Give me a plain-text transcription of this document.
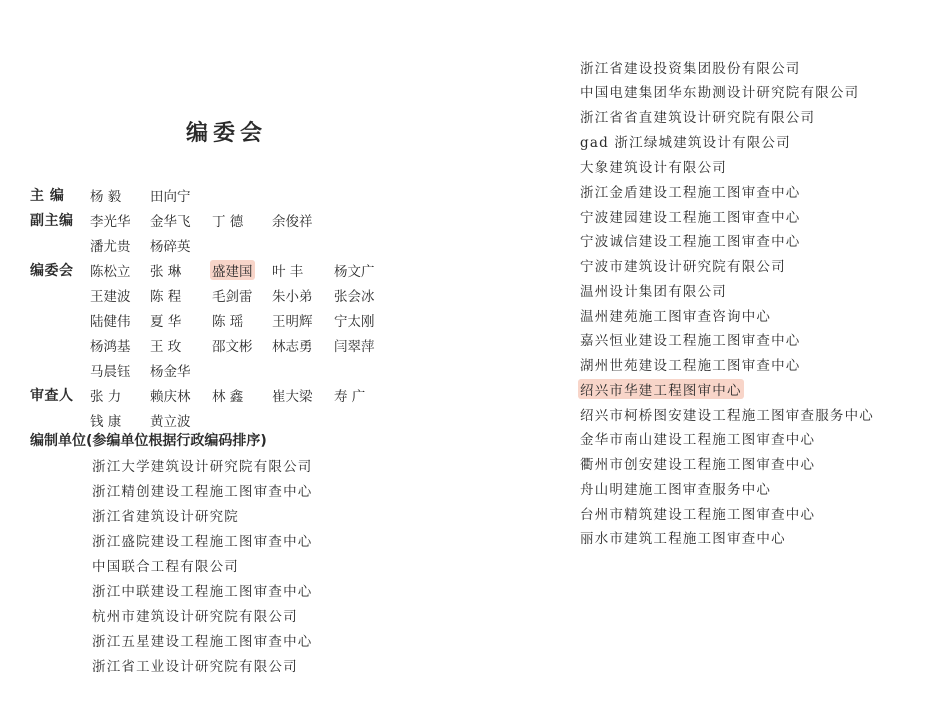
编委会
主 编 杨 毅 田向宁
副主编 李光华 金华飞 丁 德 余俊祥
潘尤贵 杨碎英
编委会 陈松立 张 琳 盛建国 叶 丰 杨文广
王建波 陈 程 毛剑雷 朱小弟 张会冰
陆健伟 夏 华 陈 瑶 王明辉 宁太刚
杨鸿基 王 玫 邵文彬 林志勇 闫翠萍
马晨钰 杨金华
审查人 张 力 赖庆林 林 鑫 崔大梁 寿 广
钱 康 黄立波
编制单位(参编单位根据行政编码排序)
浙江大学建筑设计研究院有限公司
浙江精创建设工程施工图审查中心
浙江省建筑设计研究院
浙江盛院建设工程施工图审查中心
中国联合工程有限公司
浙江中联建设工程施工图审查中心
杭州市建筑设计研究院有限公司
浙江五星建设工程施工图审查中心
浙江省工业设计研究院有限公司
浙江省建设投资集团股份有限公司
中国电建集团华东勘测设计研究院有限公司
浙江省省直建筑设计研究院有限公司
gad 浙江绿城建筑设计有限公司
大象建筑设计有限公司
浙江金盾建设工程施工图审查中心
宁波建园建设工程施工图审查中心
宁波诚信建设工程施工图审查中心
宁波市建筑设计研究院有限公司
温州设计集团有限公司
温州建苑施工图审查咨询中心
嘉兴恒业建设工程施工图审查中心
湖州世苑建设工程施工图审查中心
绍兴市华建工程图审中心
绍兴市柯桥图安建设工程施工图审查服务中心
金华市南山建设工程施工图审查中心
衢州市创安建设工程施工图审查中心
舟山明建施工图审查服务中心
台州市精筑建设工程施工图审查中心
丽水市建筑工程施工图审查中心
